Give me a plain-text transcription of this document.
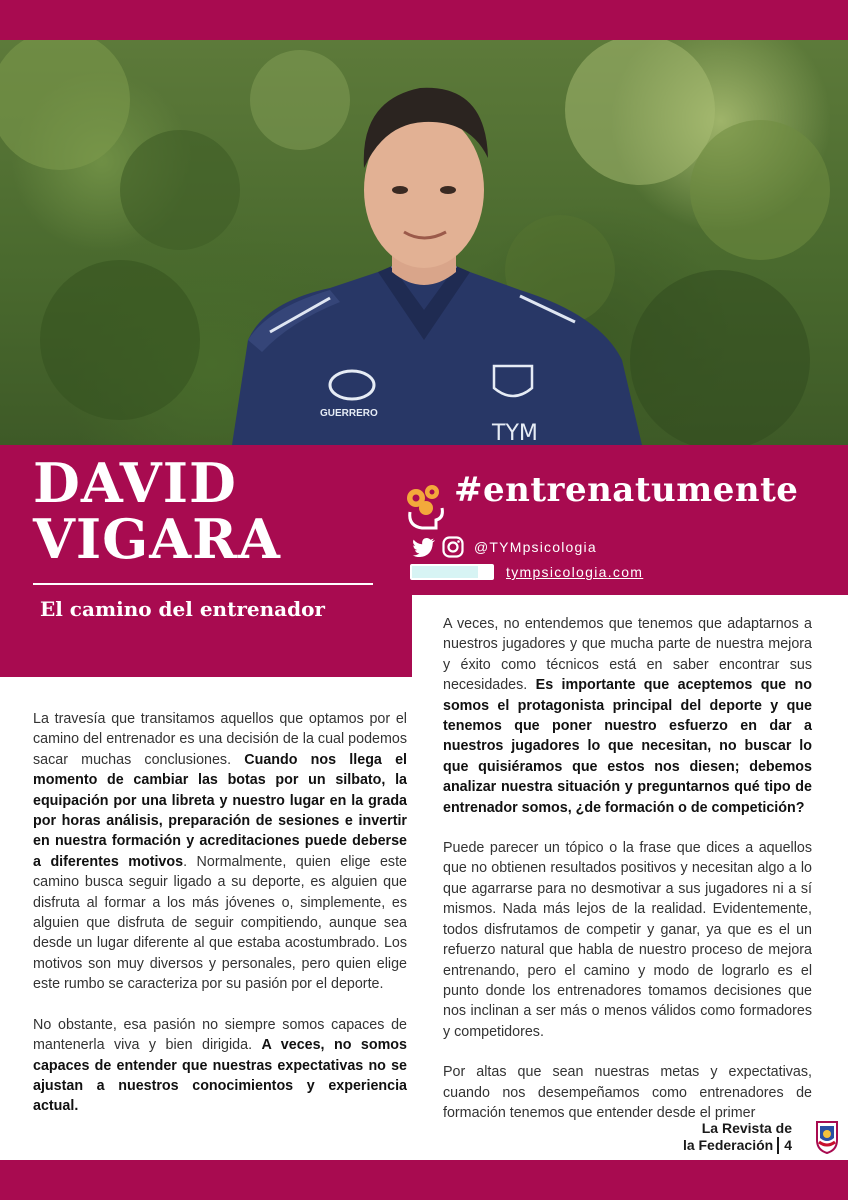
GUERRERO
TYM
DAVID
VIGARA
El camino del entrenador
#entrenatumente
@TYMpsicologia
tympsicologia.com

La travesía que transitamos aquellos que optamos por el camino del entrenador es una decisión de la cual podemos sacar muchas conclusiones. Cuando nos llega el momento de cambiar las botas por un silbato, la equipación por una libreta y nuestro lugar en la grada por horas análisis, preparación de sesiones e invertir en nuestra formación y acreditaciones puede deberse a diferentes motivos. Normalmente, quien elige este camino busca seguir ligado a su deporte, es alguien que disfruta al formar a los más jóvenes o, simplemente, es alguien que disfruta de seguir compitiendo, aunque sea desde un lugar diferente al que estaba acostumbrado. Los motivos son muy diversos y personales, pero quien elige este rumbo se caracteriza por su pasión por el deporte.

No obstante, esa pasión no siempre somos capaces de mantenerla viva y bien dirigida. A veces, no somos capaces de entender que nuestras expectativas no se ajustan a nuestros conocimientos y experiencia actual.

A veces, no entendemos que tenemos que adaptarnos a nuestros jugadores y que mucha parte de nuestra mejora y éxito como técnicos está en saber encontrar sus necesidades. Es importante que aceptemos que no somos el protagonista principal del deporte y que tenemos que poner nuestro esfuerzo en dar a nuestros jugadores lo que necesitan, no buscar lo que quisiéramos que estos nos diesen; debemos analizar nuestra situación y preguntarnos qué tipo de entrenador somos, ¿de formación o de competición?

Puede parecer un tópico o la frase que dices a aquellos que no obtienen resultados positivos y necesitan algo a lo que agarrarse para no desmotivar a sus jugadores ni a sí mismos. Nada más lejos de la realidad. Evidentemente, todos disfrutamos de competir y ganar, ya que es el un refuerzo natural que habla de nuestro proceso de mejora entrenando, pero el camino y modo de lograrlo es el punto donde los entrenadores tomamos decisiones que nos inclinan a ser más o menos válidos como formadores y competidores.

Por altas que sean nuestras metas y expectativas, cuando nos desempeñamos como entrenadores de formación tenemos que entender desde el primer

La Revista de
la Federación 4
